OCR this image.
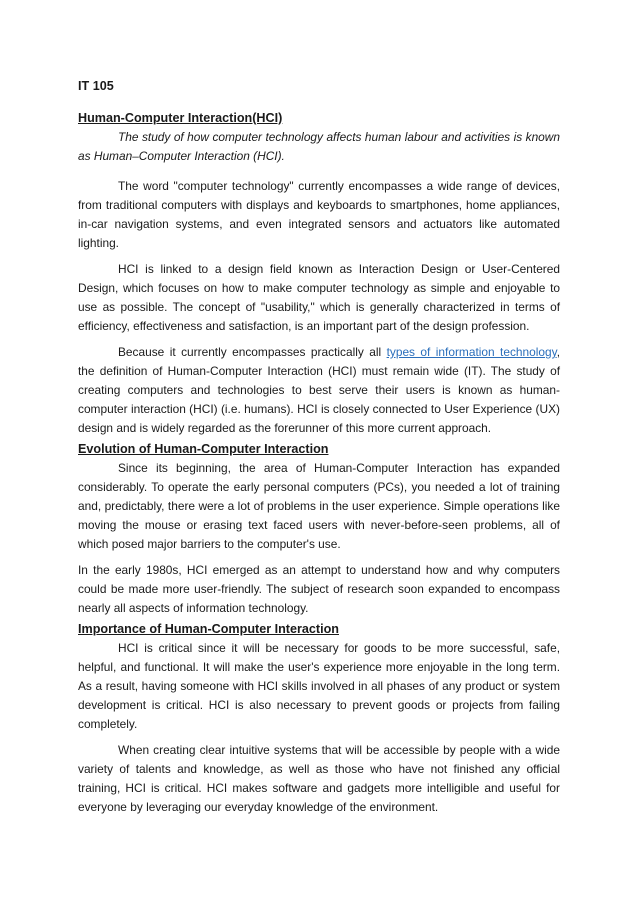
IT 105
Human-Computer Interaction(HCI)

The study of how computer technology affects human labour and activities is known as Human–Computer Interaction (HCI).

The word "computer technology" currently encompasses a wide range of devices, from traditional computers with displays and keyboards to smartphones, home appliances, in-car navigation systems, and even integrated sensors and actuators like automated lighting.

HCI is linked to a design field known as Interaction Design or User-Centered Design, which focuses on how to make computer technology as simple and enjoyable to use as possible. The concept of "usability," which is generally characterized in terms of efficiency, effectiveness and satisfaction, is an important part of the design profession.

Because it currently encompasses practically all types of information technology, the definition of Human-Computer Interaction (HCI) must remain wide (IT). The study of creating computers and technologies to best serve their users is known as human-computer interaction (HCI) (i.e. humans). HCI is closely connected to User Experience (UX) design and is widely regarded as the forerunner of this more current approach.

Evolution of Human-Computer Interaction

Since its beginning, the area of Human-Computer Interaction has expanded considerably. To operate the early personal computers (PCs), you needed a lot of training and, predictably, there were a lot of problems in the user experience. Simple operations like moving the mouse or erasing text faced users with never-before-seen problems, all of which posed major barriers to the computer's use.

In the early 1980s, HCI emerged as an attempt to understand how and why computers could be made more user-friendly. The subject of research soon expanded to encompass nearly all aspects of information technology.

Importance of Human-Computer Interaction

HCI is critical since it will be necessary for goods to be more successful, safe, helpful, and functional. It will make the user's experience more enjoyable in the long term. As a result, having someone with HCI skills involved in all phases of any product or system development is critical. HCI is also necessary to prevent goods or projects from failing completely.

When creating clear intuitive systems that will be accessible by people with a wide variety of talents and knowledge, as well as those who have not finished any official training, HCI is critical. HCI makes software and gadgets more intelligible and useful for everyone by leveraging our everyday knowledge of the environment.
